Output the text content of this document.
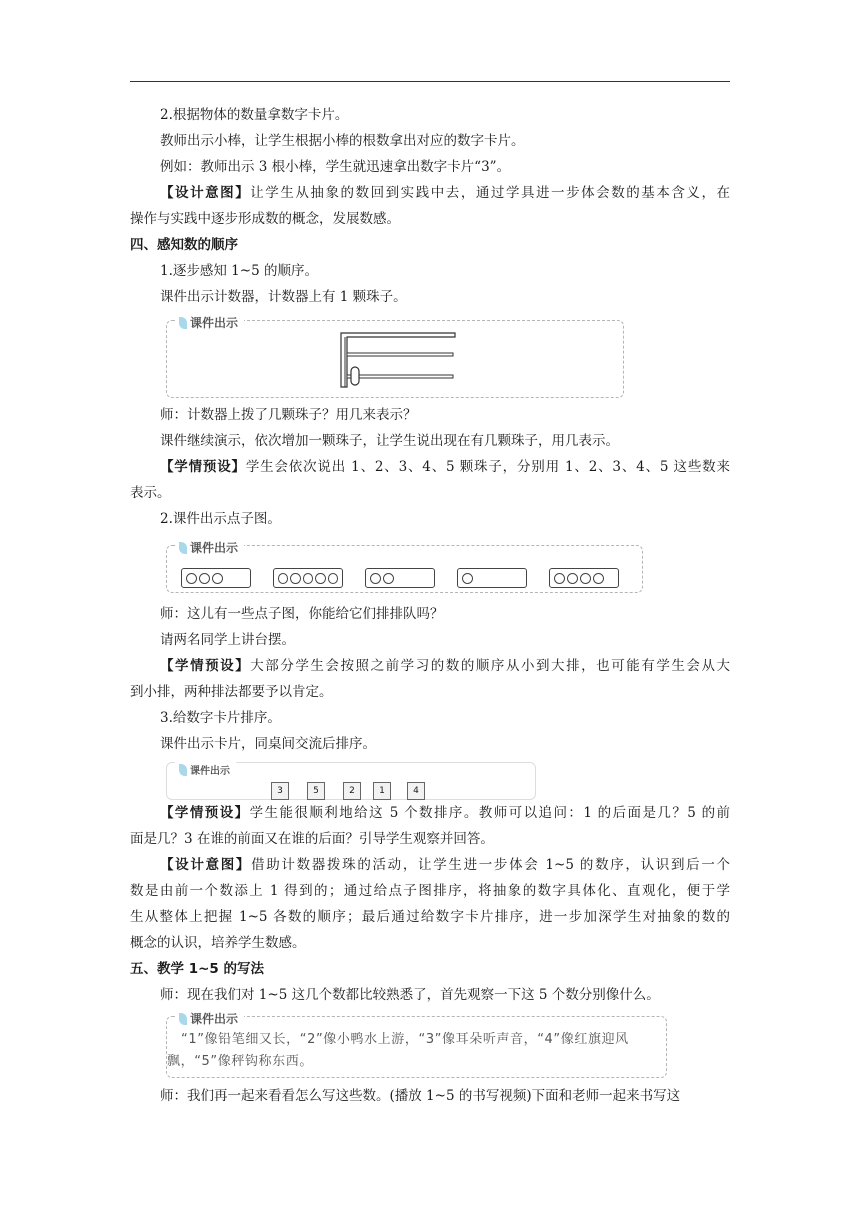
2.根据物体的数量拿数字卡片。
教师出示小棒，让学生根据小棒的根数拿出对应的数字卡片。
例如：教师出示 3 根小棒，学生就迅速拿出数字卡片“3”。
【设计意图】让学生从抽象的数回到实践中去，通过学具进一步体会数的基本含义，在
操作与实践中逐步形成数的概念，发展数感。
四、感知数的顺序
1.逐步感知 1~5 的顺序。
课件出示计数器，计数器上有 1 颗珠子。
课件出示
师：计数器上拨了几颗珠子？用几来表示？
课件继续演示，依次增加一颗珠子，让学生说出现在有几颗珠子，用几表示。
【学情预设】学生会依次说出 1、2、3、4、5 颗珠子，分别用 1、2、3、4、5 这些数来
表示。
2.课件出示点子图。
课件出示
师：这儿有一些点子图，你能给它们排排队吗？
请两名同学上讲台摆。
【学情预设】大部分学生会按照之前学习的数的顺序从小到大排，也可能有学生会从大
到小排，两种排法都要予以肯定。
3.给数字卡片排序。
课件出示卡片，同桌间交流后排序。
课件出示
3	5	2	1	4
【学情预设】学生能很顺利地给这 5 个数排序。教师可以追问：1 的后面是几？5 的前
面是几？3 在谁的前面又在谁的后面？引导学生观察并回答。
【设计意图】借助计数器拨珠的活动，让学生进一步体会 1~5 的数序，认识到后一个
数是由前一个数添上 1 得到的；通过给点子图排序，将抽象的数字具体化、直观化，便于学
生从整体上把握 1~5 各数的顺序；最后通过给数字卡片排序，进一步加深学生对抽象的数的
概念的认识，培养学生数感。
五、教学 1~5 的写法
师：现在我们对 1~5 这几个数都比较熟悉了，首先观察一下这 5 个数分别像什么。
课件出示
“1”像铅笔细又长，“2”像小鸭水上游，“3”像耳朵听声音，“4”像红旗迎风
飘，“5”像秤钩称东西。
师：我们再一起来看看怎么写这些数。(播放 1~5 的书写视频)下面和老师一起来书写这
